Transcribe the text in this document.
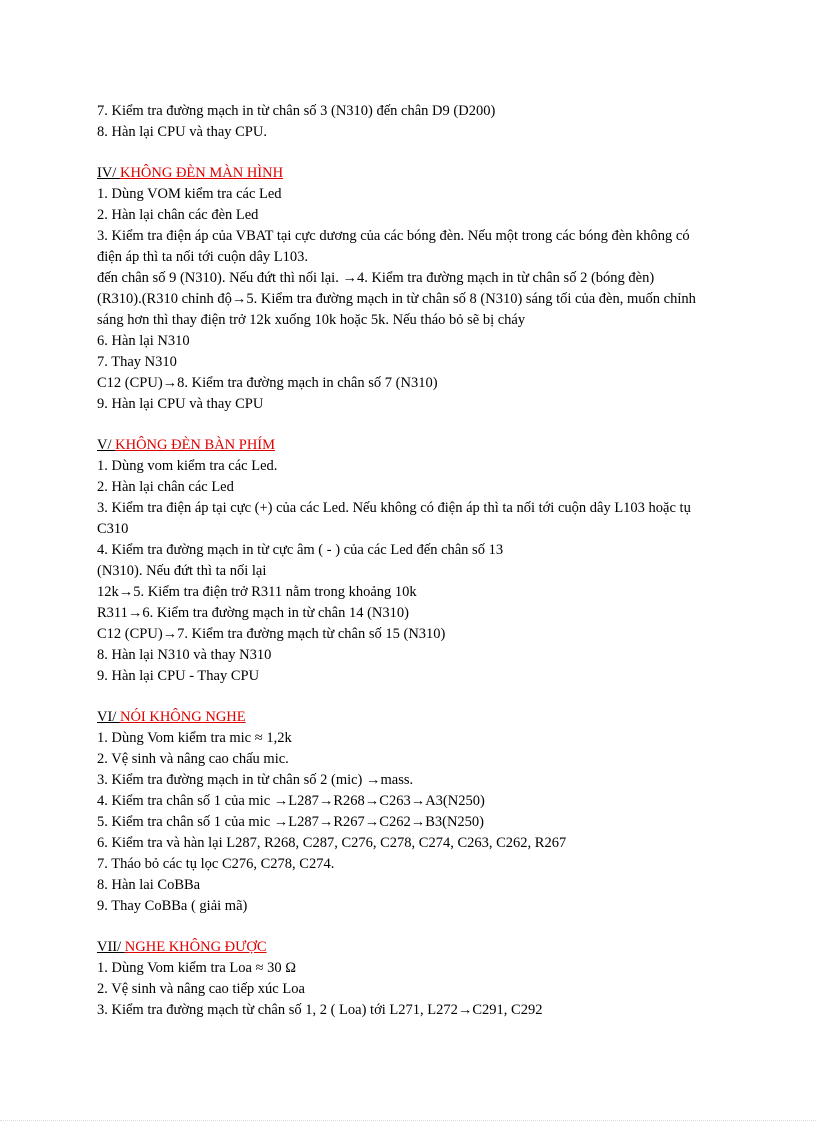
7. Kiểm tra đường mạch in từ chân số 3 (N310) đến chân D9 (D200)

8. Hàn lại CPU và thay CPU.

IV/ KHÔNG ĐÈN MÀN HÌNH

1. Dùng VOM kiểm tra các Led

2. Hàn lại chân các đèn Led

3. Kiểm tra điện áp của VBAT tại cực dương của các bóng đèn. Nếu một trong các bóng đèn không có

điện áp thì ta nối tới cuộn dây L103.

đến chân số 9 (N310). Nếu đứt thì nối lại. →4. Kiểm tra đường mạch in từ chân số 2 (bóng đèn)

(R310).(R310 chỉnh độ→5. Kiểm tra đường mạch in từ chân số 8 (N310) sáng tối của đèn, muốn chỉnh

sáng hơn thì thay điện trở 12k xuống 10k hoặc 5k. Nếu tháo bỏ sẽ bị cháy

6. Hàn lại N310

7. Thay N310

C12 (CPU)→8. Kiểm tra đường mạch in chân số 7 (N310)

9. Hàn lại CPU và thay CPU

V/ KHÔNG ĐÈN BÀN PHÍM

1. Dùng vom kiểm tra các Led.

2. Hàn lại chân các Led

3. Kiểm tra điện áp tại cực (+) của các Led. Nếu không có điện áp thì ta nối tới cuộn dây L103 hoặc tụ

C310

4. Kiểm tra đường mạch in từ cực âm ( - ) của các Led đến chân số 13

(N310). Nếu đứt thì ta nối lại

12k→5. Kiểm tra điện trở R311 nằm trong khoảng 10k

R311→6. Kiểm tra đường mạch in từ chân 14 (N310)

C12 (CPU)→7. Kiểm tra đường mạch từ chân số 15 (N310)

8. Hàn lại N310 và thay N310

9. Hàn lại CPU - Thay CPU

VI/ NÓI KHÔNG NGHE

1. Dùng Vom kiểm tra mic ≈ 1,2k

2. Vệ sinh và nâng cao chấu mic.

3. Kiểm tra đường mạch in từ chân số 2 (mic) →mass.

4. Kiểm tra chân số 1 của mic →L287→R268→C263→A3(N250)

5. Kiểm tra chân số 1 của mic →L287→R267→C262→B3(N250)

6. Kiểm tra và hàn lại L287, R268, C287, C276, C278, C274, C263, C262, R267

7. Tháo bỏ các tụ lọc C276, C278, C274.

8. Hàn lai CoBBa

9. Thay CoBBa ( giải mã)

VII/ NGHE KHÔNG ĐƯỢC

1. Dùng Vom kiểm tra Loa ≈ 30 Ω

2. Vệ sinh và nâng cao tiếp xúc Loa

3. Kiểm tra đường mạch từ chân số 1, 2 ( Loa) tới L271, L272→C291, C292
